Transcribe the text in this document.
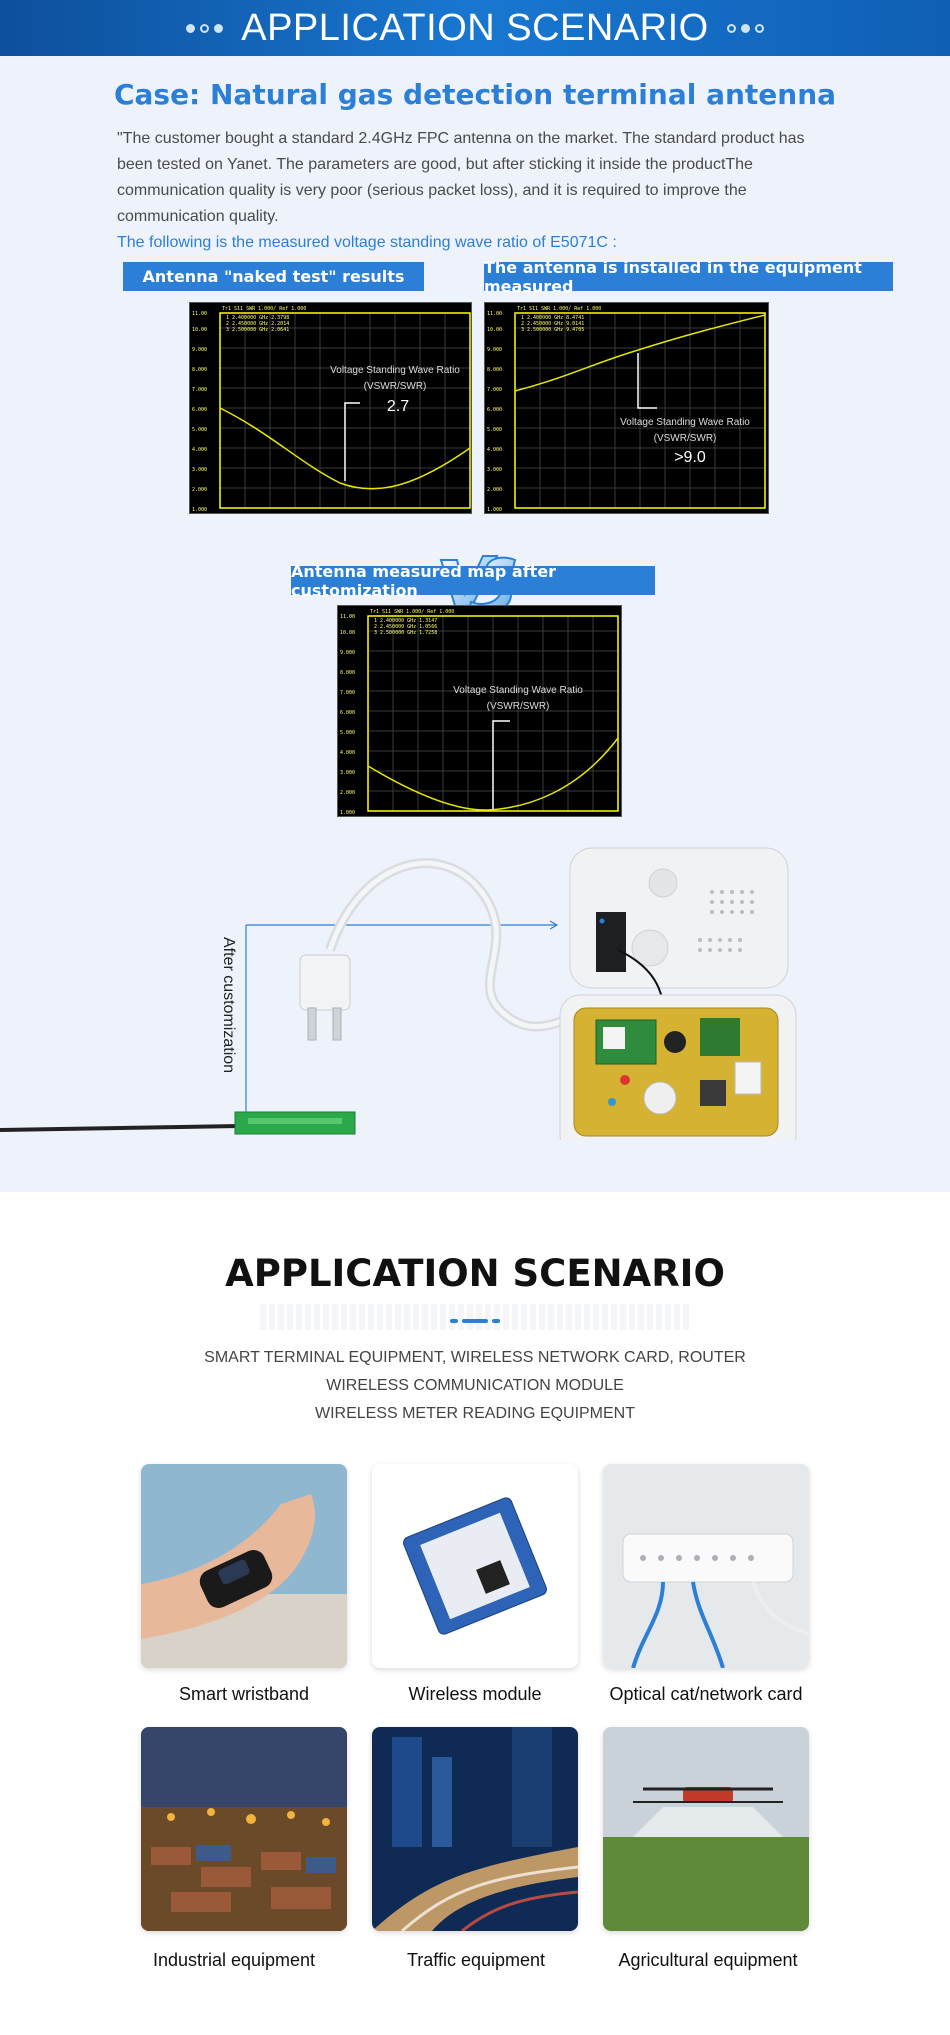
APPLICATION SCENARIO
Case: Natural gas detection terminal antenna
"The customer bought a standard 2.4GHz FPC antenna on the market. The standard product has been tested on Yanet. The parameters are good, but after sticking it inside the productThe communication quality is very poor (serious packet loss), and it is required to improve the communication quality.
The following is the measured voltage standing wave ratio of E5071C :
Antenna "naked test" results	The antenna is installed in the equipment measured
11.00
10.00
9.000
8.000
7.000
6.000
5.000
4.000
3.000
2.000
1.000
Tr1 S11 SWR 1.000/ Ref 1.000
1 2.400000 GHz 2.3798
2 2.450000 GHz 2.2014
3 2.500000 GHz 2.0641
Voltage Standing Wave Ratio
(VSWR/SWR)
2.7
11.00
10.00
9.000
8.000
7.000
6.000
5.000
4.000
3.000
2.000
1.000
Tr1 S11 SWR 1.000/ Ref 1.000
1 2.400000 GHz 8.4741
2 2.450000 GHz 9.0141
3 2.500000 GHz 9.4705
Voltage Standing Wave Ratio
(VSWR/SWR)
>9.0
Antenna measured map after customization
11.00
10.00
9.000
8.000
7.000
6.000
5.000
4.000
3.000
2.000
1.000
Tr1 S11 SWR 1.000/ Ref 1.000
1 2.400000 GHz 1.3147
2 2.450000 GHz 1.0566
3 2.500000 GHz 1.7258
Voltage Standing Wave Ratio
(VSWR/SWR)
After customization
APPLICATION SCENARIO
SMART TERMINAL EQUIPMENT, WIRELESS NETWORK CARD, ROUTER
WIRELESS COMMUNICATION MODULE
WIRELESS METER READING EQUIPMENT
Smart wristband	Wireless module	Optical cat/network card
Industrial equipment	Traffic equipment	Agricultural equipment
